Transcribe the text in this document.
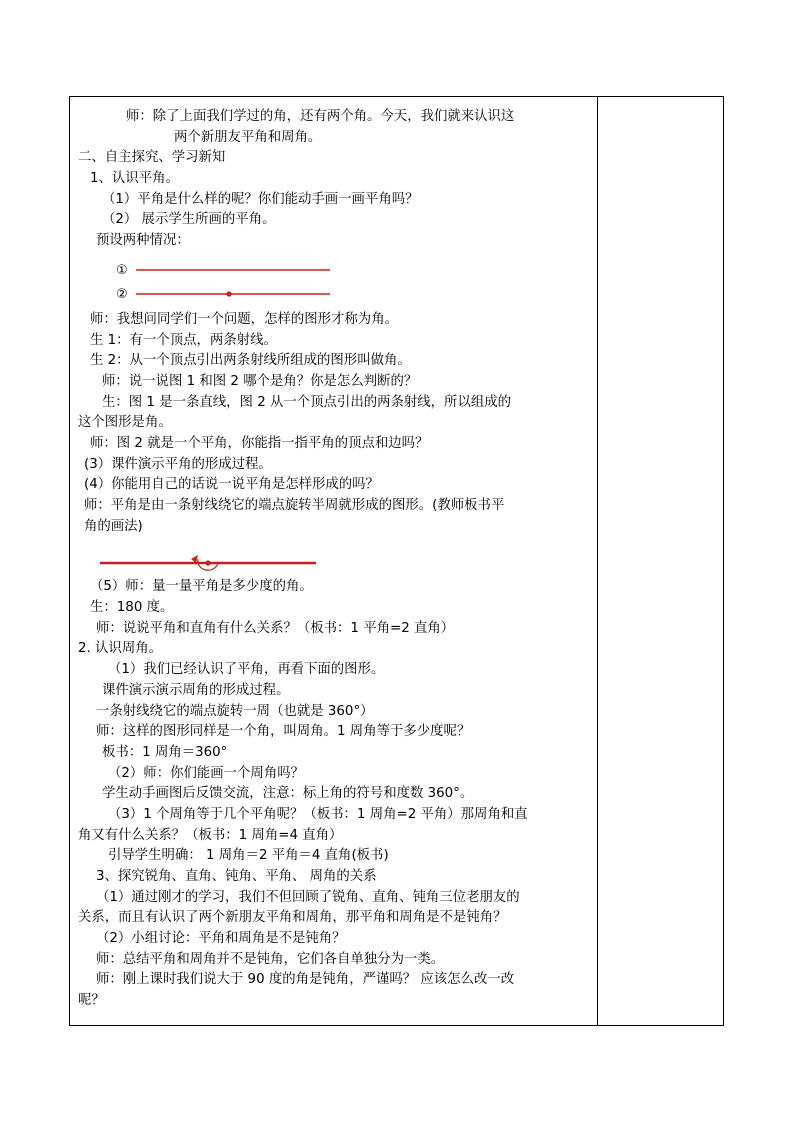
师：除了上面我们学过的角，还有两个角。今天，我们就来认识这
两个新朋友平角和周角。
二、自主探究、学习新知
1、认识平角。
（1）平角是什么样的呢？你们能动手画一画平角吗？
（2） 展示学生所画的平角。
预设两种情况：
①
②
师：我想问同学们一个问题，怎样的图形才称为角。
生 1：有一个顶点，两条射线。
生 2：从一个顶点引出两条射线所组成的图形叫做角。
师：说一说图 1 和图 2 哪个是角？你是怎么判断的？
生：图 1 是一条直线，图 2 从一个顶点引出的两条射线，所以组成的
这个图形是角。
师：图 2 就是一个平角，你能指一指平角的顶点和边吗？
(3）课件演示平角的形成过程。
(4）你能用自己的话说一说平角是怎样形成的吗？
师：平角是由一条射线绕它的端点旋转半周就形成的图形。(教师板书平
角的画法)
（5）师：量一量平角是多少度的角。
生：180 度。
师：说说平角和直角有什么关系？（板书：1 平角=2 直角）
2. 认识周角。
（1）我们已经认识了平角，再看下面的图形。
课件演示演示周角的形成过程。
一条射线绕它的端点旋转一周（也就是 360°）
师：这样的图形同样是一个角，叫周角。1 周角等于多少度呢？
板书：1 周角＝360°
（2）师：你们能画一个周角吗？
学生动手画图后反馈交流，注意：标上角的符号和度数 360°。
（3）1 个周角等于几个平角呢？（板书：1 周角=2 平角）那周角和直
角又有什么关系？（板书：1 周角=4 直角）
引导学生明确： 1 周角＝2 平角＝4 直角(板书)
3、探究锐角、直角、钝角、平角、 周角的关系
（1）通过刚才的学习，我们不但回顾了锐角、直角、钝角三位老朋友的
关系，而且有认识了两个新朋友平角和周角，那平角和周角是不是钝角？
（2）小组讨论：平角和周角是不是钝角？
师：总结平角和周角并不是钝角，它们各自单独分为一类。
师：刚上课时我们说大于 90 度的角是钝角，严谨吗？ 应该怎么改一改
呢？
